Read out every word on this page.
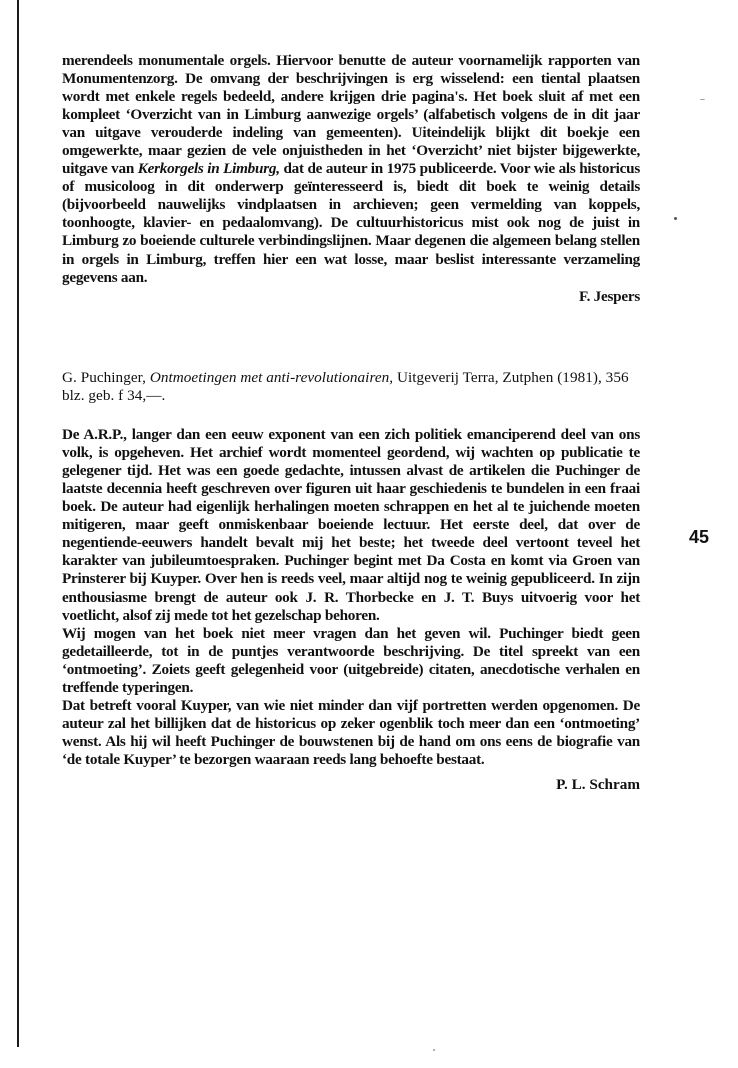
merendeels monumentale orgels. Hiervoor benutte de auteur voornamelijk rapporten van Monumentenzorg. De omvang der beschrijvingen is erg wisselend: een tiental plaatsen wordt met enkele regels bedeeld, andere krijgen drie pagina's. Het boek sluit af met een kompleet ‘Overzicht van in Limburg aanwezige orgels’ (alfabetisch volgens de in dit jaar van uitgave verouderde indeling van gemeenten). Uiteindelijk blijkt dit boekje een omgewerkte, maar gezien de vele onjuistheden in het ‘Overzicht’ niet bijster bijgewerkte, uitgave van Kerkorgels in Limburg, dat de auteur in 1975 publiceerde. Voor wie als historicus of musicoloog in dit onderwerp geïnteresseerd is, biedt dit boek te weinig details (bijvoorbeeld nauwelijks vindplaatsen in archieven; geen vermelding van koppels, toonhoogte, klavier- en pedaalomvang). De cultuurhistoricus mist ook nog de juist in Limburg zo boeiende culturele verbindingslijnen. Maar degenen die algemeen belang stellen in orgels in Limburg, treffen hier een wat losse, maar beslist interessante verzameling gegevens aan.

F. Jespers

G. Puchinger, Ontmoetingen met anti-revolutionairen, Uitgeverij Terra, Zutphen (1981), 356 blz. geb. f 34,—.

De A.R.P., langer dan een eeuw exponent van een zich politiek emanciperend deel van ons volk, is opgeheven. Het archief wordt momenteel geordend, wij wachten op publicatie te gelegener tijd. Het was een goede gedachte, intussen alvast de artikelen die Puchinger de laatste decennia heeft geschreven over figuren uit haar geschiedenis te bundelen in een fraai boek. De auteur had eigenlijk herhalingen moeten schrappen en het al te juichende moeten mitigeren, maar geeft onmiskenbaar boeiende lectuur. Het eerste deel, dat over de negentiende-eeuwers handelt bevalt mij het beste; het tweede deel vertoont teveel het karakter van jubileumtoespraken. Puchinger begint met Da Costa en komt via Groen van Prinsterer bij Kuyper. Over hen is reeds veel, maar altijd nog te weinig gepubliceerd. In zijn enthousiasme brengt de auteur ook J. R. Thorbecke en J. T. Buys uitvoerig voor het voetlicht, alsof zij mede tot het gezelschap behoren.

Wij mogen van het boek niet meer vragen dan het geven wil. Puchinger biedt geen gedetailleerde, tot in de puntjes verantwoorde beschrijving. De titel spreekt van een ‘ontmoeting’. Zoiets geeft gelegenheid voor (uitgebreide) citaten, anecdotische verhalen en treffende typeringen.

Dat betreft vooral Kuyper, van wie niet minder dan vijf portretten werden opgenomen. De auteur zal het billijken dat de historicus op zeker ogenblik toch meer dan een ‘ontmoeting’ wenst. Als hij wil heeft Puchinger de bouwstenen bij de hand om ons eens de biografie van ‘de totale Kuyper’ te bezorgen waaraan reeds lang behoefte bestaat.

P. L. Schram

45
